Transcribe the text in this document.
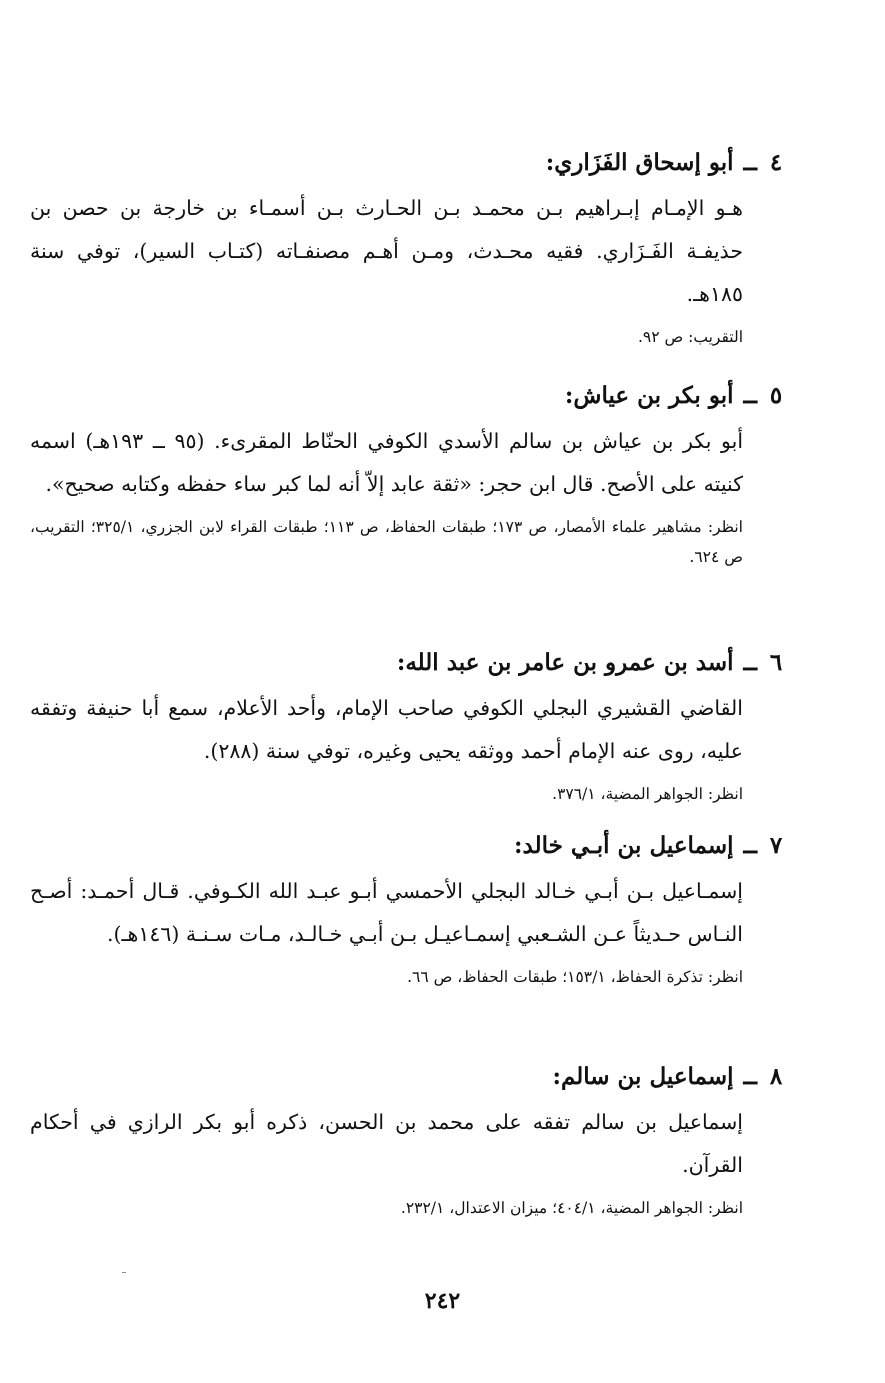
٤
ــ
أبو إسحاق الفَزَاري:
هـو الإمـام إبـراهيم بـن محمـد بـن الحـارث بـن أسمـاء بن خارجة بن حصن بن حذيفـة الفَـزَاري. فقيه محـدث، ومـن أهـم مصنفـاته (كتـاب السير)، توفي سنة ١٨٥هـ.
التقريب: ص ٩٢.
٥
ــ
أبو بكر بن عياش:
أبو بكر بن عياش بن سالم الأسدي الكوفي الحنّاط المقرىء. (٩٥ ــ ١٩٣هـ) اسمه كنيته على الأصح. قال ابن حجر: «ثقة عابد إلاّ أنه لما كبر ساء حفظه وكتابه صحيح».
انظر: مشاهير علماء الأمصار، ص ١٧٣؛ طبقات الحفاظ، ص ١١٣؛ طبقات القراء لابن الجزري، ٣٢٥/١؛ التقريب، ص ٦٢٤.
٦
ــ
أسد بن عمرو بن عامر بن عبد الله:
القاضي القشيري البجلي الكوفي صاحب الإمام، وأحد الأعلام، سمع أبا حنيفة وتفقه عليه، روى عنه الإمام أحمد ووثقه يحيى وغيره، توفي سنة (٢٨٨).
انظر: الجواهر المضية، ٣٧٦/١.
٧
ــ
إسماعيل بن أبـي خالد:
إسمـاعيل بـن أبـي خـالد البجلي الأحمسي أبـو عبـد الله الكـوفي. قـال أحمـد: أصـح النـاس حـديثاً عـن الشـعبي إسمـاعيـل بـن أبـي خـالـد، مـات سـنـة (١٤٦هـ).
انظر: تذكرة الحفاظ، ١٥٣/١؛ طبقات الحفاظ، ص ٦٦.
٨
ــ
إسماعيل بن سالم:
إسماعيل بن سالم تفقه على محمد بن الحسن، ذكره أبو بكر الرازي في أحكام القرآن.
انظر: الجواهر المضية، ٤٠٤/١؛ ميزان الاعتدال، ٢٣٢/١.
٢٤٢
